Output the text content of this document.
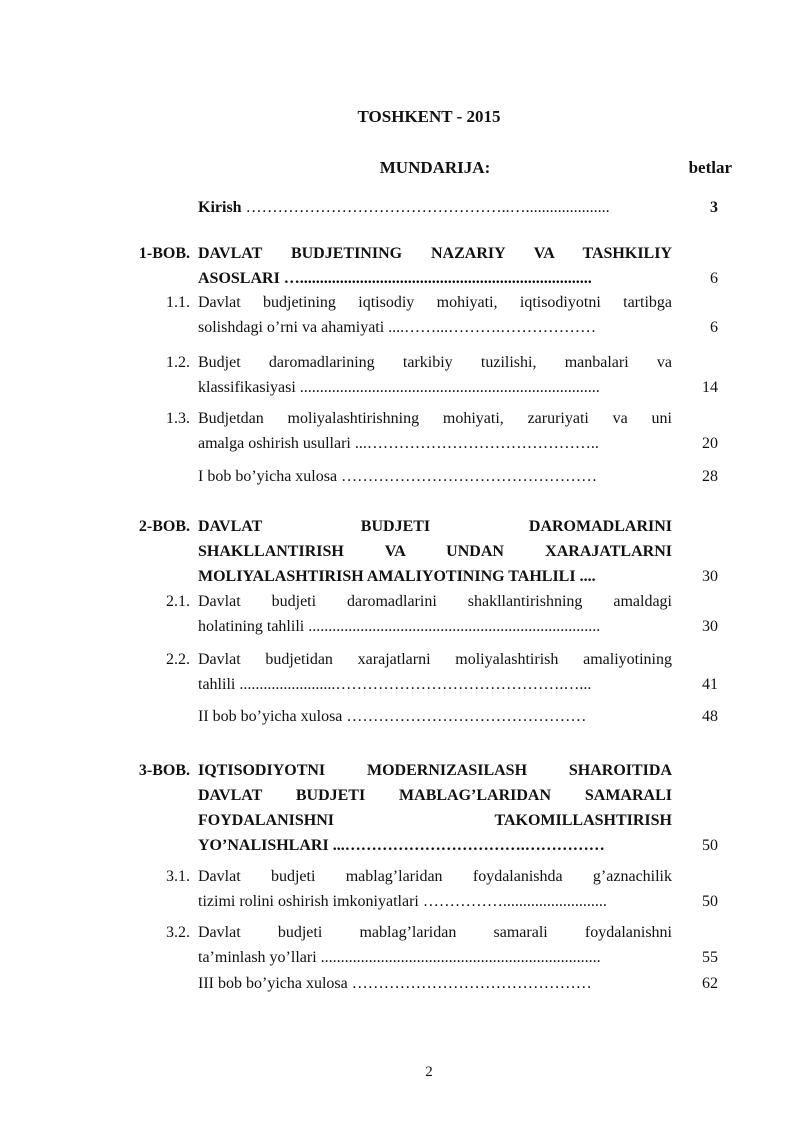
TOSHKENT - 2015
MUNDARIJA:	betlar
Kirish …………………………………………..….....................	3
1-BOB. DAVLAT BUDJETINING NAZARIY VA TASHKILIY
ASOSLARI ….........................................................................	6
1.1. Davlat budjetining iqtisodiy mohiyati, iqtisodiyotni tartibga
solishdagi o’rni va ahamiyati ....……...……….………………	6
1.2. Budjet daromadlarining tarkibiy tuzilishi, manbalari va
klassifikasiyasi ...........................................................................	14
1.3. Budjetdan moliyalashtirishning mohiyati, zaruriyati va uni
amalga oshirish usullari ...……………………………………..	20
I bob bo’yicha xulosa …………………………………………	28
2-BOB. DAVLAT BUDJETI DAROMADLARINI
SHAKLLANTIRISH VA UNDAN XARAJATLARNI
MOLIYALASHTIRISH AMALIYOTINING TAHLILI ....	30
2.1. Davlat budjeti daromadlarini shakllantirishning amaldagi
holatining tahlili .........................................................................	30
2.2. Davlat budjetidan xarajatlarni moliyalashtirish amaliyotining
tahlili ........................…………………………………….…...	41
II bob bo’yicha xulosa ………………………………………	48
3-BOB. IQTISODIYOTNI MODERNIZASILASH SHAROITIDA
DAVLAT BUDJETI MABLAG’LARIDAN SAMARALI
FOYDALANISHNI TAKOMILLASHTIRISH
YO’NALISHLARI ...…………………………….……………	50
3.1. Davlat budjeti mablag’laridan foydalanishda g’aznachilik
tizimi rolini oshirish imkoniyatlari ……………..........................	50
3.2. Davlat budjeti mablag’laridan samarali foydalanishni
ta’minlash yo’llari ......................................................................	55
III bob bo’yicha xulosa ………………………………………	62
2
